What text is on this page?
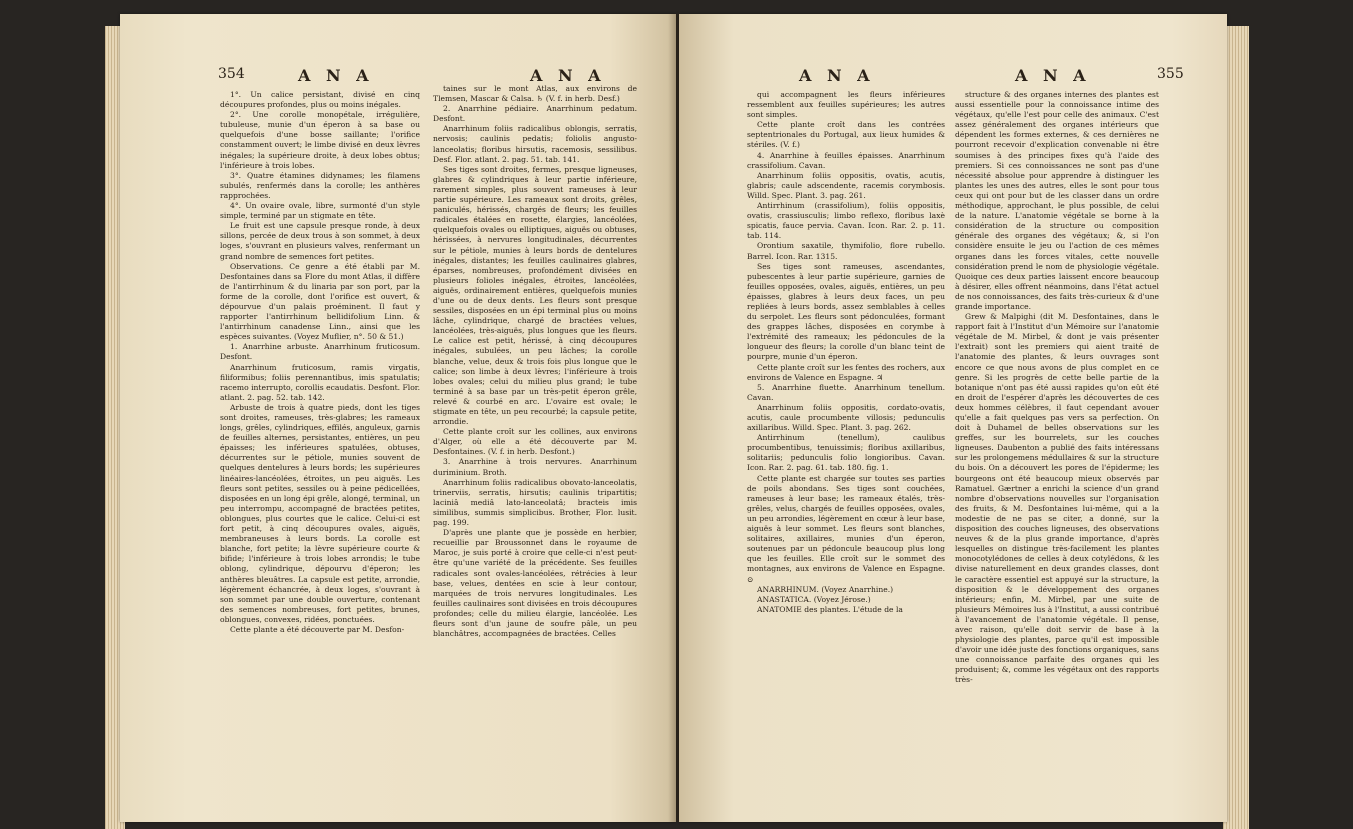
354	A N A	A N A

1°. Un calice persistant, divisé en cinq découpures profondes, plus ou moins inégales.

2°. Une corolle monopétale, irrégulière, tubuleuse, munie d'un éperon à sa base ou quelquefois d'une bosse saillante; l'orifice constamment ouvert; le limbe divisé en deux lèvres inégales; la supérieure droite, à deux lobes obtus; l'inférieure à trois lobes.

3°. Quatre étamines didynames; les filamens subulés, renfermés dans la corolle; les anthères rapprochées.

4°. Un ovaire ovale, libre, surmonté d'un style simple, terminé par un stigmate en tête.

Le fruit est une capsule presque ronde, à deux sillons, percée de deux trous à son sommet, à deux loges, s'ouvrant en plusieurs valves, renfermant un grand nombre de semences fort petites.

Observations. Ce genre a été établi par M. Desfontaines dans sa Flore du mont Atlas, il diffère de l'antirrhinum & du linaria par son port, par la forme de la corolle, dont l'orifice est ouvert, & dépourvue d'un palais proéminent. Il faut y rapporter l'antirrhinum bellidifolium Linn. & l'antirrhinum canadense Linn., ainsi que les espèces suivantes. (Voyez Muflier, n°. 50 & 51.)

1. Anarrhine arbuste. Anarrhinum fruticosum. Desfont.

Anarrhinum fruticosum, ramis virgatis, filiformibus; foliis perennantibus, imis spatulatis; racemo interrupto, corollis ecaudatis. Desfont. Flor. atlant. 2. pag. 52. tab. 142.

Arbuste de trois à quatre pieds, dont les tiges sont droites, rameuses, très-glabres; les rameaux longs, grêles, cylindriques, effilés, anguleux, garnis de feuilles alternes, persistantes, entières, un peu épaisses; les inférieures spatulées, obtuses, décurrentes sur le pétiole, munies souvent de quelques dentelures à leurs bords; les supérieures linéaires-lancéolées, étroites, un peu aiguës. Les fleurs sont petites, sessiles ou à peine pédicellées, disposées en un long épi grêle, alongé, terminal, un peu interrompu, accompagné de bractées petites, oblongues, plus courtes que le calice. Celui-ci est fort petit, à cinq découpures ovales, aiguës, membraneuses à leurs bords. La corolle est blanche, fort petite; la lèvre supérieure courte & bifide; l'inférieure à trois lobes arrondis; le tube oblong, cylindrique, dépourvu d'éperon; les anthères bleuâtres. La capsule est petite, arrondie, légèrement échancrée, à deux loges, s'ouvrant à son sommet par une double ouverture, contenant des semences nombreuses, fort petites, brunes, oblongues, convexes, ridées, ponctuées.

Cette plante a été découverte par M. Desfon-

taines sur le mont Atlas, aux environs de Tlemsen, Mascar & Calsa. ♄ (V. f. in herb. Desf.)

2. Anarrhine pédiaire. Anarrhinum pedatum. Desfont.

Anarrhinum foliis radicalibus oblongis, serratis, nervosis; caulinis pedatis; foliolis angusto-lanceolatis; floribus hirsutis, racemosis, sessilibus. Desf. Flor. atlant. 2. pag. 51. tab. 141.

Ses tiges sont droites, fermes, presque ligneuses, glabres & cylindriques à leur partie inférieure, rarement simples, plus souvent rameuses à leur partie supérieure. Les rameaux sont droits, grêles, paniculés, hérissés, chargés de fleurs; les feuilles radicales étalées en rosette, élargies, lancéolées, quelquefois ovales ou elliptiques, aiguës ou obtuses, hérissées, à nervures longitudinales, décurrentes sur le pétiole, munies à leurs bords de dentelures inégales, distantes; les feuilles caulinaires glabres, éparses, nombreuses, profondément divisées en plusieurs folioles inégales, étroites, lancéolées, aiguës, ordinairement entières, quelquefois munies d'une ou de deux dents. Les fleurs sont presque sessiles, disposées en un épi terminal plus ou moins lâche, cylindrique, chargé de bractées velues, lancéolées, très-aiguës, plus longues que les fleurs. Le calice est petit, hérissé, à cinq découpures inégales, subulées, un peu lâches; la corolle blanche, velue, deux & trois fois plus longue que le calice; son limbe à deux lèvres; l'inférieure à trois lobes ovales; celui du milieu plus grand; le tube terminé à sa base par un très-petit éperon grêle, relevé & courbé en arc. L'ovaire est ovale; le stigmate en tête, un peu recourbé; la capsule petite, arrondie.

Cette plante croît sur les collines, aux environs d'Alger, où elle a été découverte par M. Desfontaines. (V. f. in herb. Desfont.)

3. Anarrhine à trois nervures. Anarrhinum duriminium. Broth.

Anarrhinum foliis radicalibus obovato-lanceolatis, trinerviis, serratis, hirsutis; caulinis tripartitis; laciniâ mediâ lato-lanceolatâ; bracteis imis similibus, summis simplicibus. Brother, Flor. lusit. pag. 199.

D'après une plante que je possède en herbier, recueillie par Broussonnet dans le royaume de Maroc, je suis porté à croire que celle-ci n'est peut-être qu'une variété de la précédente. Ses feuilles radicales sont ovales-lancéolées, rétrécies à leur base, velues, dentées en scie à leur contour, marquées de trois nervures longitudinales. Les feuilles caulinaires sont divisées en trois découpures profondes; celle du milieu élargie, lancéolée. Les fleurs sont d'un jaune de soufre pâle, un peu blanchâtres, accompagnées de bractées. Celles

A N A	A N A	355

qui accompagnent les fleurs inférieures ressemblent aux feuilles supérieures; les autres sont simples.

Cette plante croît dans les contrées septentrionales du Portugal, aux lieux humides & stériles. (V. f.)

4. Anarrhine à feuilles épaisses. Anarrhinum crassifolium. Cavan.

Anarrhinum foliis oppositis, ovatis, acutis, glabris; caule adscendente, racemis corymbosis. Willd. Spec. Plant. 3. pag. 261.

Antirrhinum (crassifolium), foliis oppositis, ovatis, crassiusculis; limbo reflexo, floribus laxè spicatis, fauce pervia. Cavan. Icon. Rar. 2. p. 11. tab. 114.

Orontium saxatile, thymifolio, flore rubello. Barrel. Icon. Rar. 1315.

Ses tiges sont rameuses, ascendantes, pubescentes à leur partie supérieure, garnies de feuilles opposées, ovales, aiguës, entières, un peu épaisses, glabres à leurs deux faces, un peu repliées à leurs bords, assez semblables à celles du serpolet. Les fleurs sont pédonculées, formant des grappes lâches, disposées en corymbe à l'extrémité des rameaux; les pédoncules de la longueur des fleurs; la corolle d'un blanc teint de pourpre, munie d'un éperon.

Cette plante croît sur les fentes des rochers, aux environs de Valence en Espagne. ♃

5. Anarrhine fluette. Anarrhinum tenellum. Cavan.

Anarrhinum foliis oppositis, cordato-ovatis, acutis, caule procumbente villosis; pedunculis axillaribus. Willd. Spec. Plant. 3. pag. 262.

Antirrhinum (tenellum), caulibus procumbentibus, tenuissimis; floribus axillaribus, solitariis; pedunculis folio longioribus. Cavan. Icon. Rar. 2. pag. 61. tab. 180. fig. 1.

Cette plante est chargée sur toutes ses parties de poils abondans. Ses tiges sont couchées, rameuses à leur base; les rameaux étalés, très-grêles, velus, chargés de feuilles opposées, ovales, un peu arrondies, légèrement en cœur à leur base, aiguës à leur sommet. Les fleurs sont blanches, solitaires, axillaires, munies d'un éperon, soutenues par un pédoncule beaucoup plus long que les feuilles. Elle croît sur le sommet des montagnes, aux environs de Valence en Espagne. ⊙

ANARRHINUM. (Voyez Anarrhine.)

ANASTATICA. (Voyez Jérose.)

ANATOMIE des plantes. L'étude de la

structure & des organes internes des plantes est aussi essentielle pour la connoissance intime des végétaux, qu'elle l'est pour celle des animaux. C'est assez généralement des organes intérieurs que dépendent les formes externes, & ces dernières ne pourront recevoir d'explication convenable ni être soumises à des principes fixes qu'à l'aide des premiers. Si ces connoissances ne sont pas d'une nécessité absolue pour apprendre à distinguer les plantes les unes des autres, elles le sont pour tous ceux qui ont pour but de les classer dans un ordre méthodique, approchant, le plus possible, de celui de la nature. L'anatomie végétale se borne à la considération de la structure ou composition générale des organes des végétaux; &, si l'on considère ensuite le jeu ou l'action de ces mêmes organes dans les forces vitales, cette nouvelle considération prend le nom de physiologie végétale. Quoique ces deux parties laissent encore beaucoup à désirer, elles offrent néanmoins, dans l'état actuel de nos connoissances, des faits très-curieux & d'une grande importance.

Grew & Malpighi (dit M. Desfontaines, dans le rapport fait à l'Institut d'un Mémoire sur l'anatomie végétale de M. Mirbel, & dont je vais présenter l'extrait) sont les premiers qui aient traité de l'anatomie des plantes, & leurs ouvrages sont encore ce que nous avons de plus complet en ce genre. Si les progrès de cette belle partie de la botanique n'ont pas été aussi rapides qu'on eût été en droit de l'espérer d'après les découvertes de ces deux hommes célèbres, il faut cependant avouer qu'elle a fait quelques pas vers sa perfection. On doit à Duhamel de belles observations sur les greffes, sur les bourrelets, sur les couches ligneuses. Daubenton a publié des faits intéressans sur les prolongemens médullaires & sur la structure du bois. On a découvert les pores de l'épiderme; les bourgeons ont été beaucoup mieux observés par Ramatuel. Gærtner a enrichi la science d'un grand nombre d'observations nouvelles sur l'organisation des fruits, & M. Desfontaines lui-même, qui a la modestie de ne pas se citer, a donné, sur la disposition des couches ligneuses, des observations neuves & de la plus grande importance, d'après lesquelles on distingue très-facilement les plantes monocotylédones de celles à deux cotylédons, & les divise naturellement en deux grandes classes, dont le caractère essentiel est appuyé sur la structure, la disposition & le développement des organes intérieurs; enfin, M. Mirbel, par une suite de plusieurs Mémoires lus à l'Institut, a aussi contribué à l'avancement de l'anatomie végétale. Il pense, avec raison, qu'elle doit servir de base à la physiologie des plantes, parce qu'il est impossible d'avoir une idée juste des fonctions organiques, sans une connoissance parfaite des organes qui les produisent; &, comme les végétaux ont des rapports très-
